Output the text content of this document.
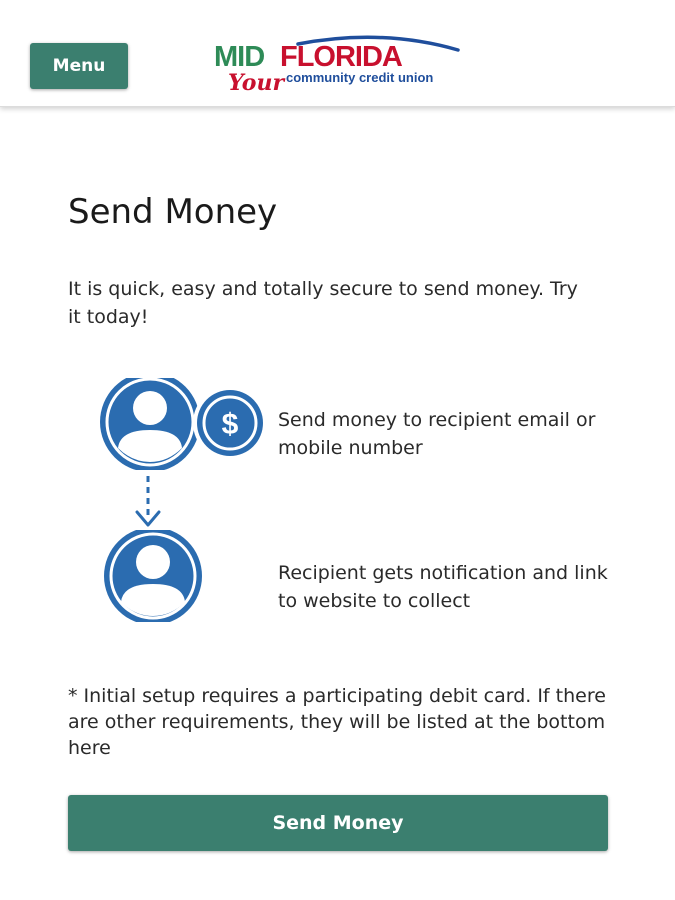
Menu	MID FLORIDA
Your community credit union
Send Money

It is quick, easy and totally secure to send money. Try it today!

$ Send money to recipient email or mobile number

Recipient gets notification and link to website to collect

* Initial setup requires a participating debit card. If there are other requirements, they will be listed at the bottom here

Send Money
